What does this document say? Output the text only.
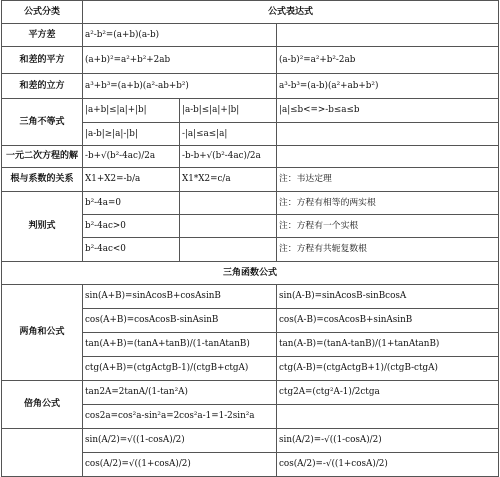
公式分类	公式表达式		
平方差	a²-b²=(a+b)(a-b)		
和差的平方	(a+b)²=a²+b²+2ab		(a-b)²=a²+b²-2ab
和差的立方	a³+b³=(a+b)(a²-ab+b²)		a³-b³=(a-b)(a²+ab+b²)
三角不等式	|a+b|≤|a|+|b|	|a-b|≤|a|+|b|	|a|≤b<=>-b≤a≤b
	|a-b|≥|a|-|b|	-|a|≤a≤|a|	
一元二次方程的解	-b+√(b²-4ac)/2a	-b-b+√(b²-4ac)/2a	
根与系数的关系	X1+X2=-b/a	X1*X2=c/a	注：韦达定理
判别式	b²-4a=0		注：方程有相等的两实根
	b²-4ac>0		注：方程有一个实根
	b²-4ac<0		注：方程有共轭复数根
三角函数公式			
两角和公式	sin(A+B)=sinAcosB+cosAsinB		sin(A-B)=sinAcosB-sinBcosA
	cos(A+B)=cosAcosB-sinAsinB		cos(A-B)=cosAcosB+sinAsinB
	tan(A+B)=(tanA+tanB)/(1-tanAtanB)		tan(A-B)=(tanA-tanB)/(1+tanAtanB)
	ctg(A+B)=(ctgActgB-1)/(ctgB+ctgA)		ctg(A-B)=(ctgActgB+1)/(ctgB-ctgA)
倍角公式	tan2A=2tanA/(1-tan²A)		ctg2A=(ctg²A-1)/2ctga
	cos2a=cos²a-sin²a=2cos²a-1=1-2sin²a		
	sin(A/2)=√((1-cosA)/2)		sin(A/2)=-√((1-cosA)/2)
	cos(A/2)=√((1+cosA)/2)		cos(A/2)=-√((1+cosA)/2)
